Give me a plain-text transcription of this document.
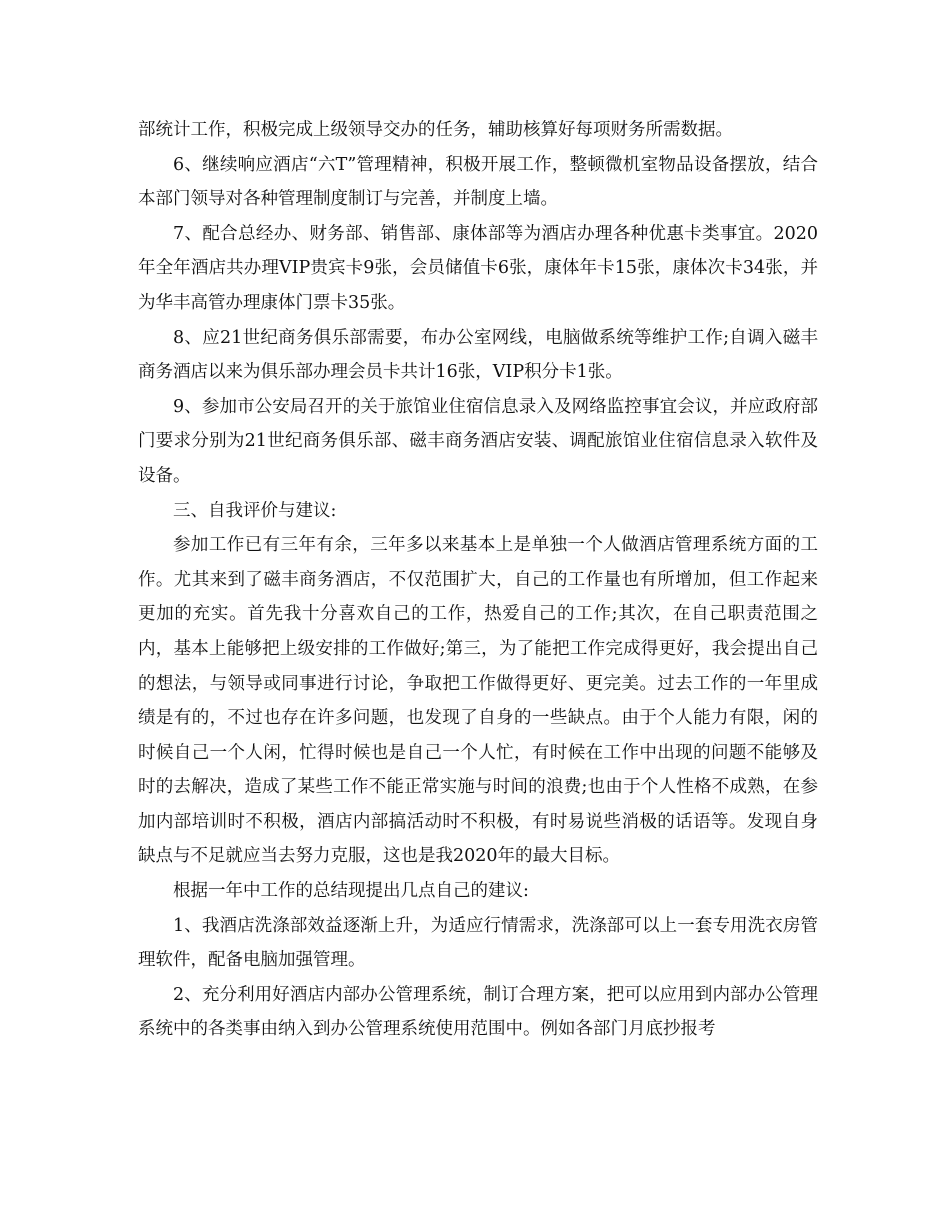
部统计工作，积极完成上级领导交办的任务，辅助核算好每项财务所需数据。

6、继续响应酒店“六T”管理精神，积极开展工作，整顿微机室物品设备摆放，结合本部门领导对各种管理制度制订与完善，并制度上墙。

7、配合总经办、财务部、销售部、康体部等为酒店办理各种优惠卡类事宜。2020年全年酒店共办理VIP贵宾卡9张，会员储值卡6张，康体年卡15张，康体次卡34张，并为华丰高管办理康体门票卡35张。

8、应21世纪商务俱乐部需要，布办公室网线，电脑做系统等维护工作;自调入磁丰商务酒店以来为俱乐部办理会员卡共计16张，VIP积分卡1张。

9、参加市公安局召开的关于旅馆业住宿信息录入及网络监控事宜会议，并应政府部门要求分别为21世纪商务俱乐部、磁丰商务酒店安装、调配旅馆业住宿信息录入软件及设备。

三、自我评价与建议:

参加工作已有三年有余，三年多以来基本上是单独一个人做酒店管理系统方面的工作。尤其来到了磁丰商务酒店，不仅范围扩大，自己的工作量也有所增加，但工作起来更加的充实。首先我十分喜欢自己的工作，热爱自己的工作;其次，在自己职责范围之内，基本上能够把上级安排的工作做好;第三，为了能把工作完成得更好，我会提出自己的想法，与领导或同事进行讨论，争取把工作做得更好、更完美。过去工作的一年里成绩是有的，不过也存在许多问题，也发现了自身的一些缺点。由于个人能力有限，闲的时候自己一个人闲，忙得时候也是自己一个人忙，有时候在工作中出现的问题不能够及时的去解决，造成了某些工作不能正常实施与时间的浪费;也由于个人性格不成熟，在参加内部培训时不积极，酒店内部搞活动时不积极，有时易说些消极的话语等。发现自身缺点与不足就应当去努力克服，这也是我2020年的最大目标。

根据一年中工作的总结现提出几点自己的建议:

1、我酒店洗涤部效益逐渐上升，为适应行情需求，洗涤部可以上一套专用洗衣房管理软件，配备电脑加强管理。

2、充分利用好酒店内部办公管理系统，制订合理方案，把可以应用到内部办公管理系统中的各类事由纳入到办公管理系统使用范围中。例如各部门月底抄报考
